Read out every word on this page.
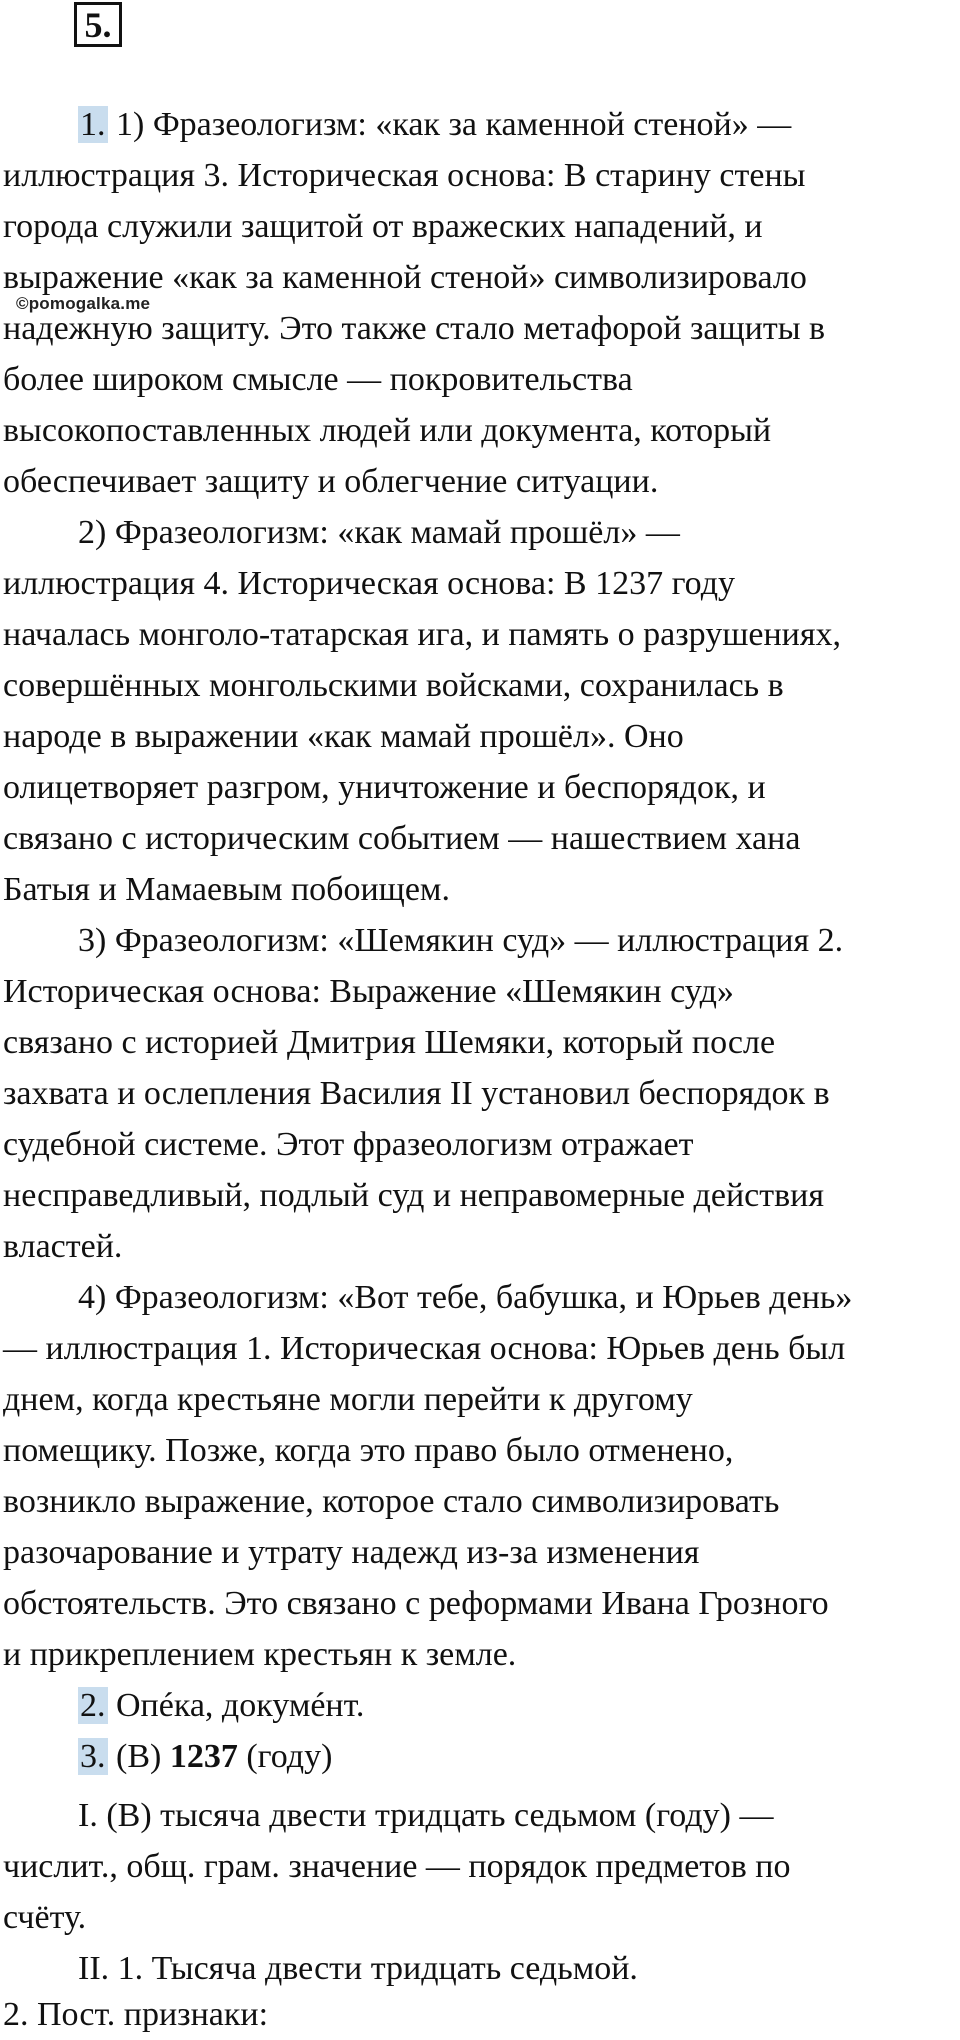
5.
1. 1) Фразеологизм: «как за каменной стеной» —
иллюстрация 3. Историческая основа: В старину стены
города служили защитой от вражеских нападений, и
выражение «как за каменной стеной» символизировало
©pomogalka.me
надежную защиту. Это также стало метафорой защиты в
более широком смысле — покровительства
высокопоставленных людей или документа, который
обеспечивает защиту и облегчение ситуации.
2) Фразеологизм: «как мамай прошёл» —
иллюстрация 4. Историческая основа: В 1237 году
началась монголо-татарская ига, и память о разрушениях,
совершённых монгольскими войсками, сохранилась в
народе в выражении «как мамай прошёл». Оно
олицетворяет разгром, уничтожение и беспорядок, и
связано с историческим событием — нашествием хана
Батыя и Мамаевым побоищем.
3) Фразеологизм: «Шемякин суд» — иллюстрация 2.
Историческая основа: Выражение «Шемякин суд»
связано с историей Дмитрия Шемяки, который после
захвата и ослепления Василия II установил беспорядок в
судебной системе. Этот фразеологизм отражает
несправедливый, подлый суд и неправомерные действия
властей.
4) Фразеологизм: «Вот тебе, бабушка, и Юрьев день»
— иллюстрация 1. Историческая основа: Юрьев день был
днем, когда крестьяне могли перейти к другому
помещику. Позже, когда это право было отменено,
возникло выражение, которое стало символизировать
разочарование и утрату надежд из-за изменения
обстоятельств. Это связано с реформами Ивана Грозного
и прикреплением крестьян к земле.
2. Опéка, докумéнт.
3. (В) 1237 (году)
I. (В) тысяча двести тридцать седьмом (году) —
числит., общ. грам. значение — порядок предметов по
счёту.
II. 1. Тысяча двести тридцать седьмой.
2. Пост. признаки:
